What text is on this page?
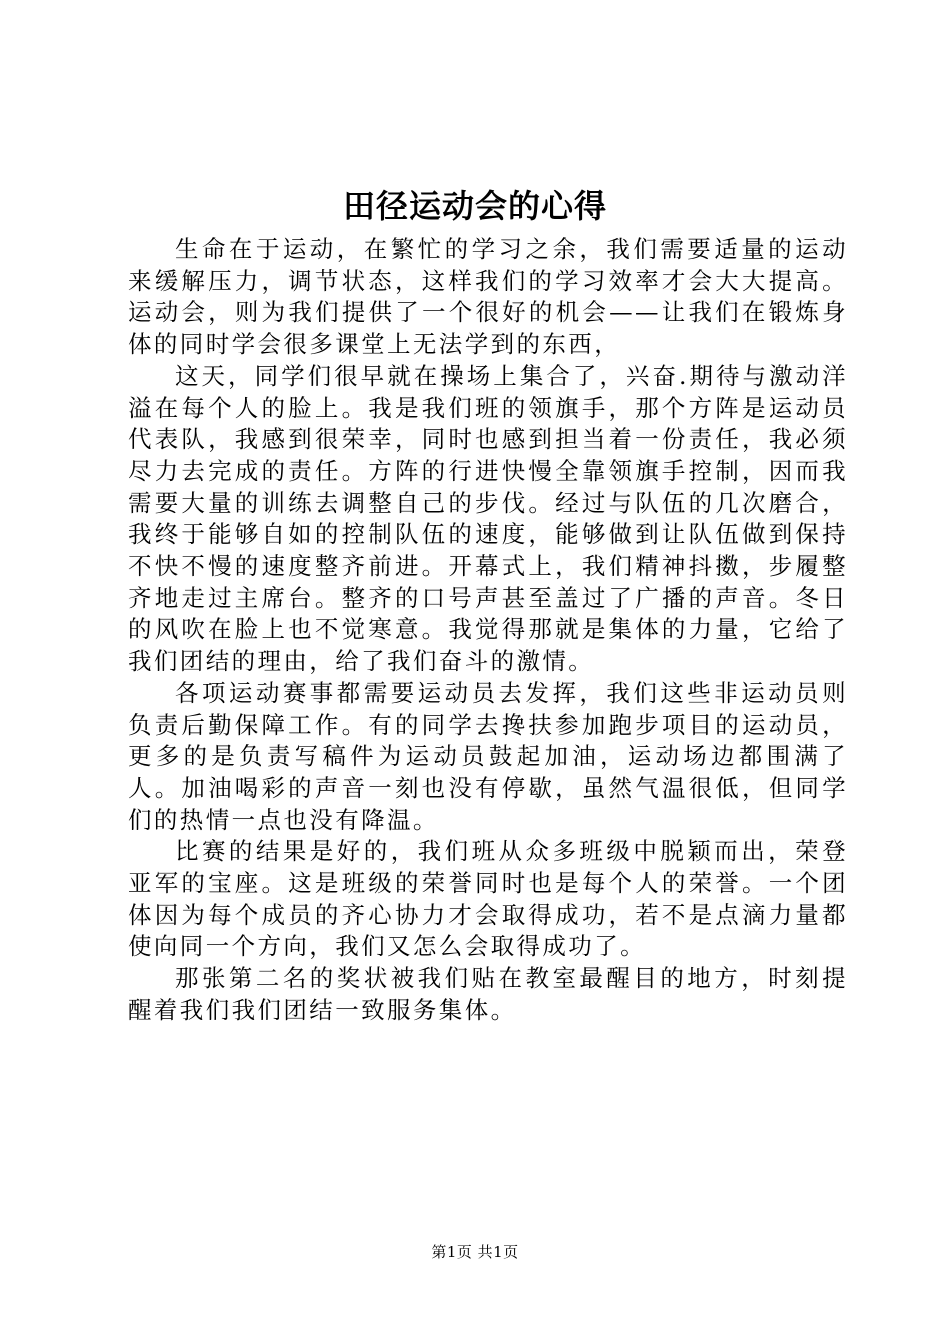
田径运动会的心得

生命在于运动，在繁忙的学习之余，我们需要适量的运动来缓解压力，调节状态，这样我们的学习效率才会大大提高。运动会，则为我们提供了一个很好的机会——让我们在锻炼身体的同时学会很多课堂上无法学到的东西，

这天，同学们很早就在操场上集合了，兴奋.期待与激动洋溢在每个人的脸上。我是我们班的领旗手，那个方阵是运动员代表队，我感到很荣幸，同时也感到担当着一份责任，我必须尽力去完成的责任。方阵的行进快慢全靠领旗手控制，因而我需要大量的训练去调整自己的步伐。经过与队伍的几次磨合，我终于能够自如的控制队伍的速度，能够做到让队伍做到保持不快不慢的速度整齐前进。开幕式上，我们精神抖擞，步履整齐地走过主席台。整齐的口号声甚至盖过了广播的声音。冬日的风吹在脸上也不觉寒意。我觉得那就是集体的力量，它给了我们团结的理由，给了我们奋斗的激情。

各项运动赛事都需要运动员去发挥，我们这些非运动员则负责后勤保障工作。有的同学去搀扶参加跑步项目的运动员，更多的是负责写稿件为运动员鼓起加油，运动场边都围满了人。加油喝彩的声音一刻也没有停歇，虽然气温很低，但同学们的热情一点也没有降温。

比赛的结果是好的，我们班从众多班级中脱颖而出，荣登亚军的宝座。这是班级的荣誉同时也是每个人的荣誉。一个团体因为每个成员的齐心协力才会取得成功，若不是点滴力量都使向同一个方向，我们又怎么会取得成功了。

那张第二名的奖状被我们贴在教室最醒目的地方，时刻提醒着我们我们团结一致服务集体。

第1页 共1页
